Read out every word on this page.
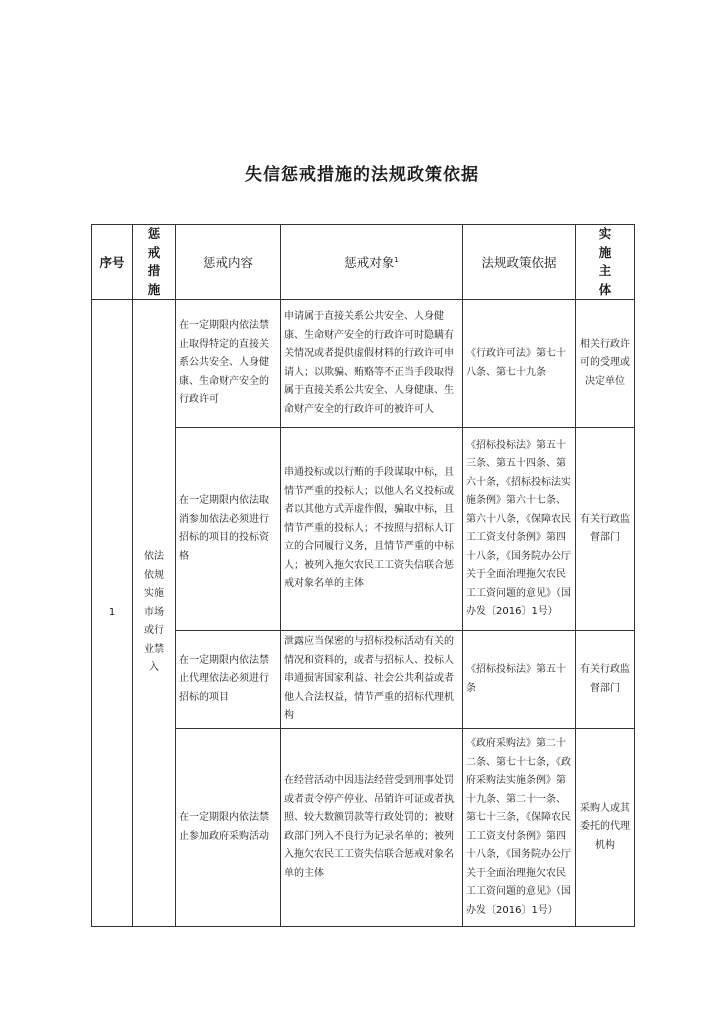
失信惩戒措施的法规政策依据
序号	惩戒措施	惩戒内容	惩戒对象$^1$	法规政策依据	实施主体

1	依法依规实施市场或行业禁入	在一定期限内依法禁止取得特定的直接关系公共安全、人身健康、生命财产安全的行政许可	申请属于直接关系公共安全、人身健康、生命财产安全的行政许可时隐瞒有关情况或者提供虚假材料的行政许可申请人；以欺骗、贿赂等不正当手段取得属于直接关系公共安全、人身健康、生命财产安全的行政许可的被许可人	《行政许可法》第七十八条、第七十九条	相关行政许可的受理或决定单位
		在一定期限内依法取消参加依法必须进行招标的项目的投标资格	串通投标或以行贿的手段谋取中标，且情节严重的投标人；以他人名义投标或者以其他方式弄虚作假，骗取中标，且情节严重的投标人；不按照与招标人订立的合同履行义务，且情节严重的中标人；被列入拖欠农民工工资失信联合惩戒对象名单的主体	《招标投标法》第五十三条、第五十四条、第六十条，《招标投标法实施条例》第六十七条、第六十八条，《保障农民工工资支付条例》第四十八条，《国务院办公厅关于全面治理拖欠农民工工资问题的意见》（国办发〔2016〕1号）	有关行政监督部门
		在一定期限内依法禁止代理依法必须进行招标的项目	泄露应当保密的与招标投标活动有关的情况和资料的，或者与招标人、投标人串通损害国家利益、社会公共利益或者他人合法权益，情节严重的招标代理机构	《招标投标法》第五十条	有关行政监督部门
		在一定期限内依法禁止参加政府采购活动	在经营活动中因违法经营受到刑事处罚或者责令停产停业、吊销许可证或者执照、较大数额罚款等行政处罚的；被财政部门列入不良行为记录名单的；被列入拖欠农民工工资失信联合惩戒对象名单的主体	《政府采购法》第二十二条、第七十七条，《政府采购法实施条例》第十九条、第二十一条、第七十三条，《保障农民工工资支付条例》第四十八条，《国务院办公厅关于全面治理拖欠农民工工资问题的意见》（国办发〔2016〕1号）	采购人或其委托的代理机构
